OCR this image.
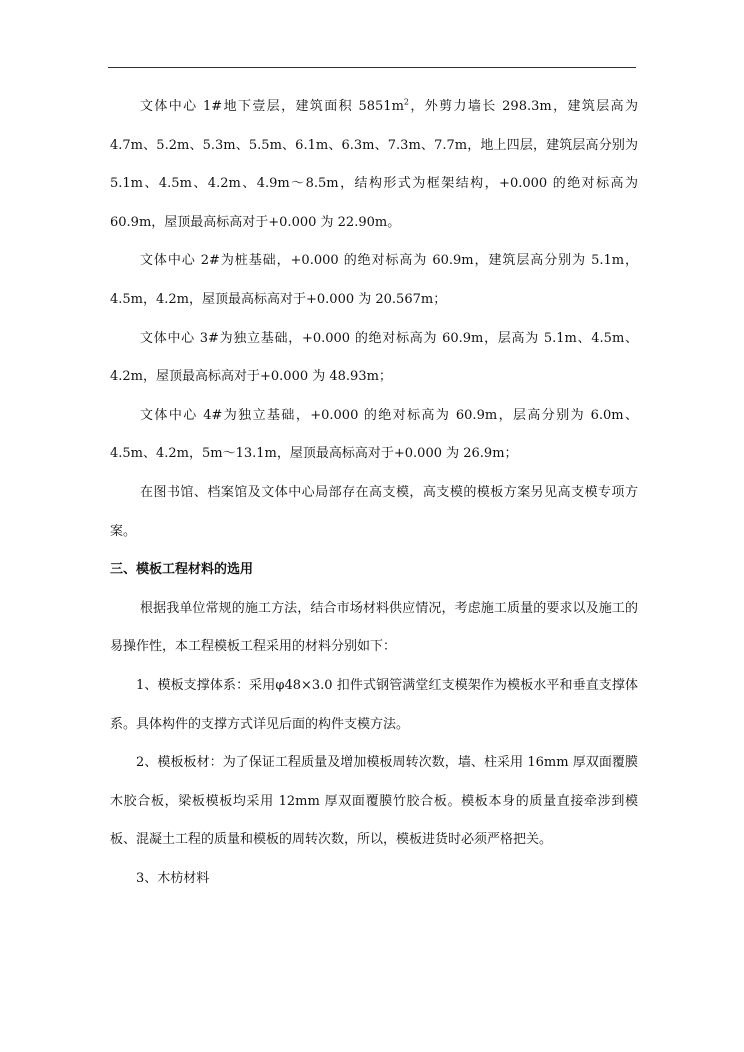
文体中心 1#地下壹层，建筑面积 $5851m^2$，外剪力墙长 298.3m，建筑层高为 4.7m、5.2m、5.3m、5.5m、6.1m、6.3m、7.3m、7.7m，地上四层，建筑层高分别为 5.1m、4.5m、4.2m、4.9m～8.5m，结构形式为框架结构，+0.000 的绝对标高为 60.9m，屋顶最高标高对于+0.000 为 22.90m。

文体中心 2#为桩基础，+0.000 的绝对标高为 60.9m，建筑层高分别为 5.1m，4.5m，4.2m，屋顶最高标高对于+0.000 为 20.567m；

文体中心 3#为独立基础，+0.000 的绝对标高为 60.9m，层高为 5.1m、4.5m、4.2m，屋顶最高标高对于+0.000 为 48.93m；

文体中心 4#为独立基础，+0.000 的绝对标高为 60.9m，层高分别为 6.0m、4.5m、4.2m，5m～13.1m，屋顶最高标高对于+0.000 为 26.9m；

在图书馆、档案馆及文体中心局部存在高支模，高支模的模板方案另见高支模专项方案。

三、模板工程材料的选用

根据我单位常规的施工方法，结合市场材料供应情况，考虑施工质量的要求以及施工的易操作性，本工程模板工程采用的材料分别如下：

1、模板支撑体系：采用φ48×3.0 扣件式钢管满堂红支模架作为模板水平和垂直支撑体系。具体构件的支撑方式详见后面的构件支模方法。

2、模板板材：为了保证工程质量及增加模板周转次数，墙、柱采用 16mm 厚双面覆膜木胶合板，梁板模板均采用 12mm 厚双面覆膜竹胶合板。模板本身的质量直接牵涉到模板、混凝土工程的质量和模板的周转次数，所以，模板进货时必须严格把关。

3、木枋材料
